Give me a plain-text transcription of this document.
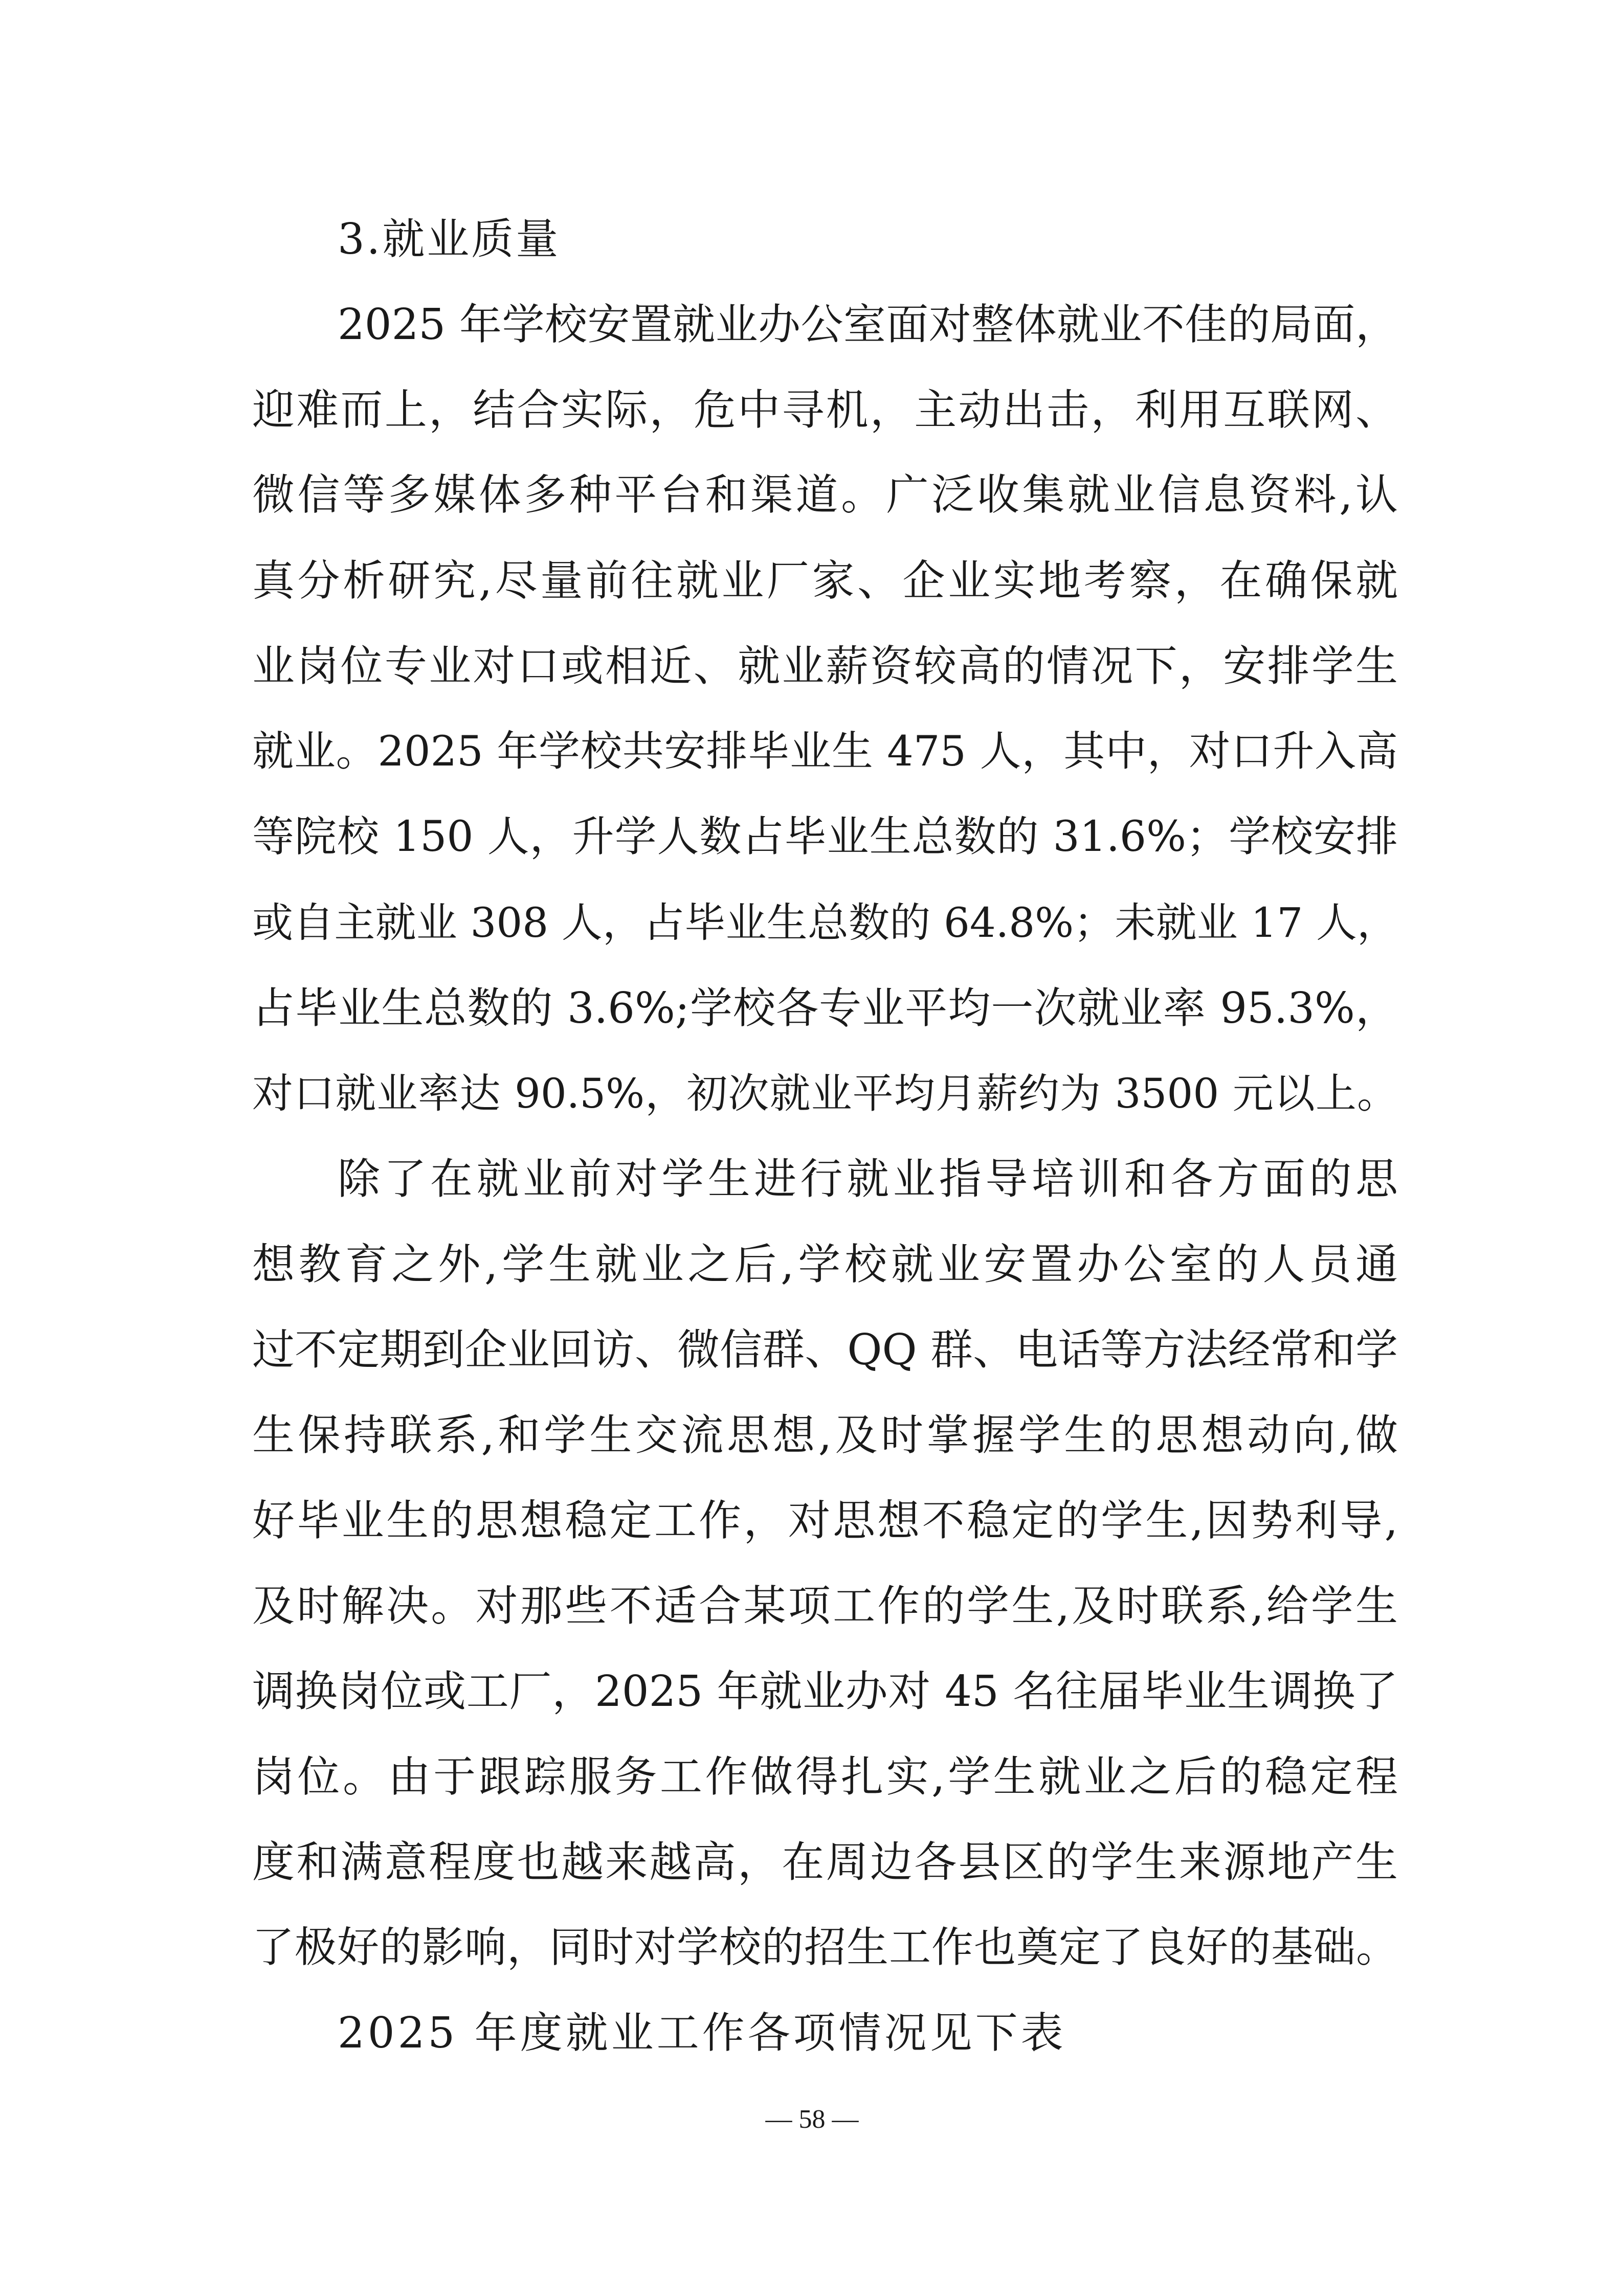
3.就业质量

2025 年学校安置就业办公室面对整体就业不佳的局面，

迎难而上，结合实际，危中寻机，主动出击，利用互联网、

微信等多媒体多种平台和渠道。广泛收集就业信息资料,认

真分析研究,尽量前往就业厂家、企业实地考察，在确保就

业岗位专业对口或相近、就业薪资较高的情况下，安排学生

就业。2025 年学校共安排毕业生 475 人，其中，对口升入高

等院校 150 人，升学人数占毕业生总数的 31.6%；学校安排

或自主就业 308 人，占毕业生总数的 64.8%；未就业 17 人，

占毕业生总数的 3.6%;学校各专业平均一次就业率 95.3%，

对口就业率达 90.5%，初次就业平均月薪约为 3500 元以上。

除了在就业前对学生进行就业指导培训和各方面的思

想教育之外,学生就业之后,学校就业安置办公室的人员通

过不定期到企业回访、微信群、QQ 群、电话等方法经常和学

生保持联系,和学生交流思想,及时掌握学生的思想动向,做

好毕业生的思想稳定工作，对思想不稳定的学生,因势利导,

及时解决。对那些不适合某项工作的学生,及时联系,给学生

调换岗位或工厂，2025 年就业办对 45 名往届毕业生调换了

岗位。由于跟踪服务工作做得扎实,学生就业之后的稳定程

度和满意程度也越来越高，在周边各县区的学生来源地产生

了极好的影响，同时对学校的招生工作也奠定了良好的基础。

2025 年度就业工作各项情况见下表

— 58 —
